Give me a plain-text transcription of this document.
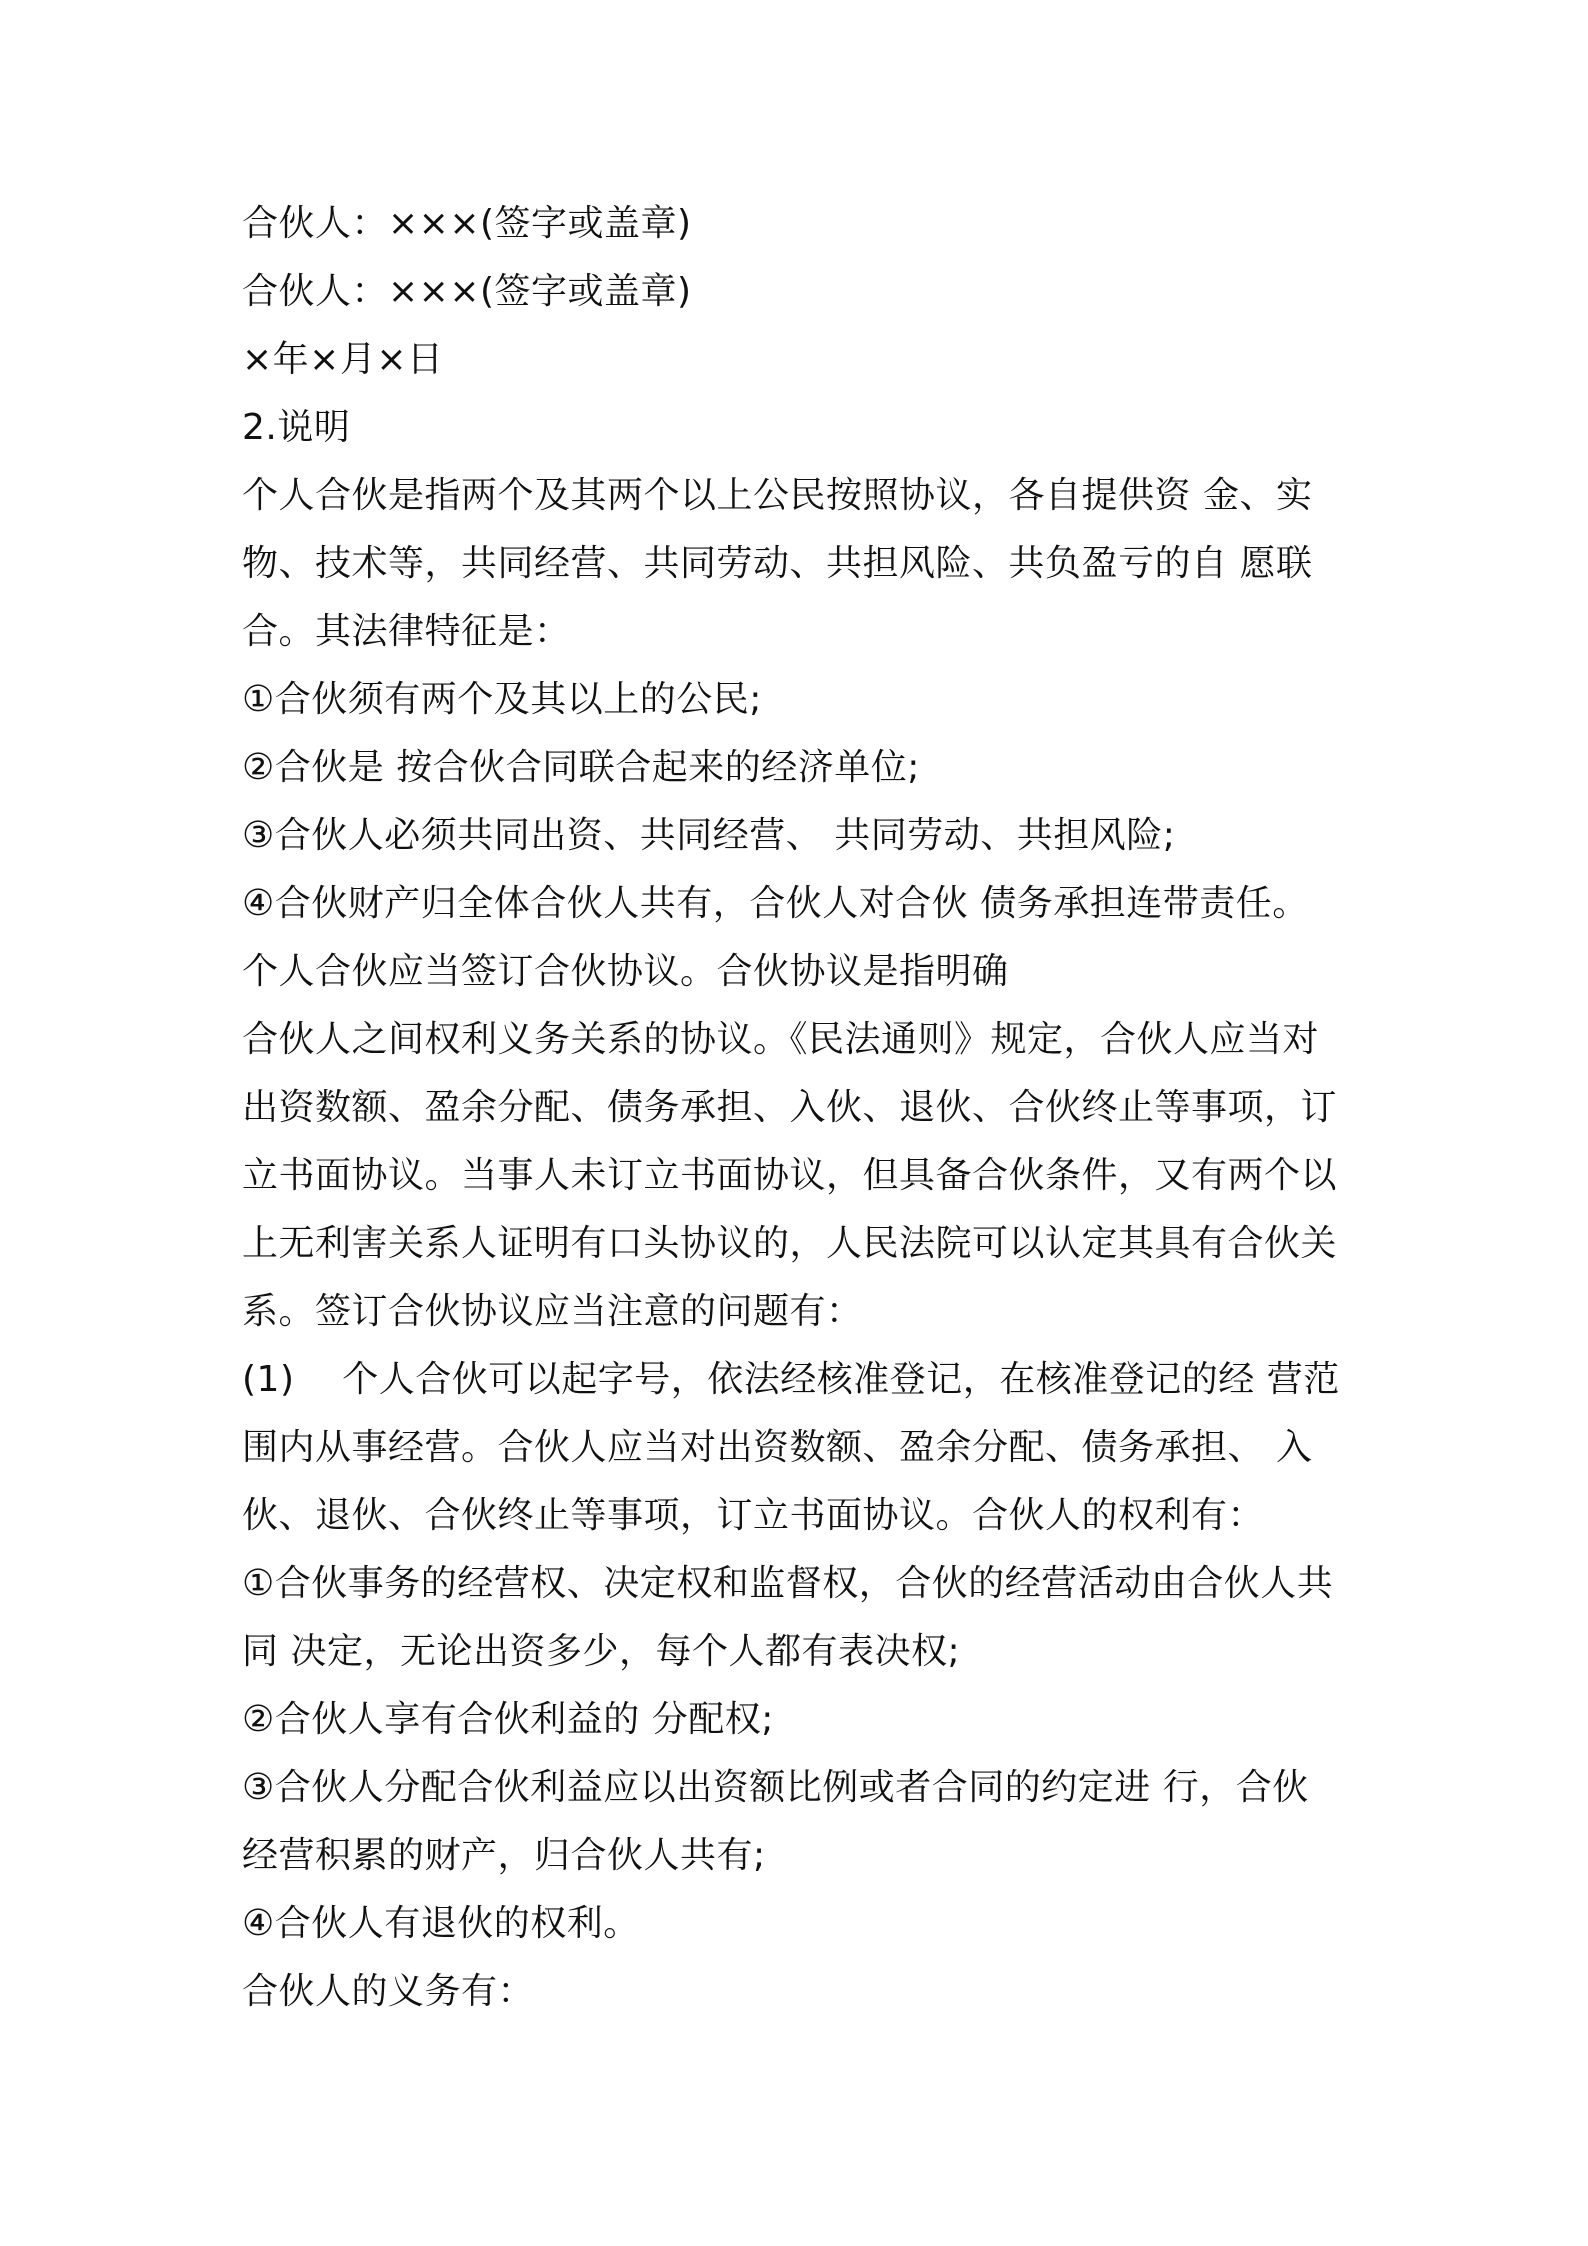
合伙人：×××(签字或盖章)
合伙人：×××(签字或盖章)
×年×月×日
2.说明
个人合伙是指两个及其两个以上公民按照协议，各自提供资 金、实
物、技术等，共同经营、共同劳动、共担风险、共负盈亏的自 愿联
合。其法律特征是：
①合伙须有两个及其以上的公民;
②合伙是 按合伙合同联合起来的经济单位;
③合伙人必须共同出资、共同经营、 共同劳动、共担风险;
④合伙财产归全体合伙人共有，合伙人对合伙 债务承担连带责任。
个人合伙应当签订合伙协议。合伙协议是指明确
合伙人之间权利义务关系的协议。《民法通则》规定，合伙人应当对
出资数额、盈余分配、债务承担、入伙、退伙、合伙终止等事项，订
立书面协议。当事人未订立书面协议，但具备合伙条件，又有两个以
上无利害关系人证明有口头协议的，人民法院可以认定其具有合伙关
系。签订合伙协议应当注意的问题有：
(1)    个人合伙可以起字号，依法经核准登记，在核准登记的经 营范
围内从事经营。合伙人应当对出资数额、盈余分配、债务承担、 入
伙、退伙、合伙终止等事项，订立书面协议。合伙人的权利有：
①合伙事务的经营权、决定权和监督权，合伙的经营活动由合伙人共
同 决定，无论出资多少，每个人都有表决权;
②合伙人享有合伙利益的 分配权;
③合伙人分配合伙利益应以出资额比例或者合同的约定进 行，合伙
经营积累的财产，归合伙人共有;
④合伙人有退伙的权利。
合伙人的义务有：
